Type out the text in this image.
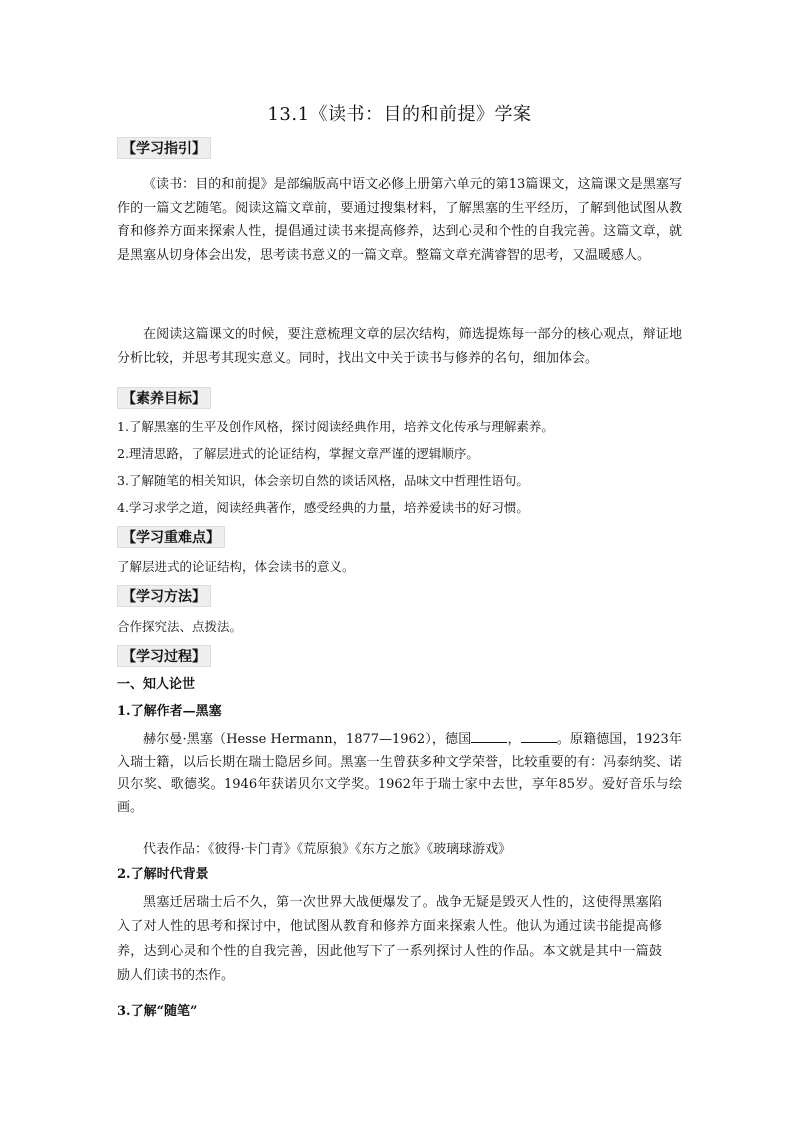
13.1《读书：目的和前提》学案
【学习指引】
《读书：目的和前提》是部编版高中语文必修上册第六单元的第13篇课文，这篇课文是黑塞写作的一篇文艺随笔。阅读这篇文章前，要通过搜集材料，了解黑塞的生平经历，了解到他试图从教育和修养方面来探索人性，提倡通过读书来提高修养，达到心灵和个性的自我完善。这篇文章，就是黑塞从切身体会出发，思考读书意义的一篇文章。整篇文章充满睿智的思考，又温暖感人。
在阅读这篇课文的时候，要注意梳理文章的层次结构，筛选提炼每一部分的核心观点，辩证地分析比较，并思考其现实意义。同时，找出文中关于读书与修养的名句，细加体会。
【素养目标】
1.了解黑塞的生平及创作风格，探讨阅读经典作用，培养文化传承与理解素养。
2.理清思路，了解层进式的论证结构，掌握文章严谨的逻辑顺序。
3.了解随笔的相关知识，体会亲切自然的谈话风格，品味文中哲理性语句。
4.学习求学之道，阅读经典著作，感受经典的力量，培养爱读书的好习惯。
【学习重难点】
了解层进式的论证结构，体会读书的意义。
【学习方法】
合作探究法、点拨法。
【学习过程】
一、知人论世
1.了解作者—黑塞
赫尔曼·黑塞（Hesse Hermann，1877—1962），德国	，	。原籍德国，1923年入瑞士籍，以后长期在瑞士隐居乡间。黑塞一生曾获多种文学荣誉，比较重要的有：冯泰纳奖、诺贝尔奖、歌德奖。1946年获诺贝尔文学奖。1962年于瑞士家中去世，享年85岁。爱好音乐与绘画。
代表作品：《彼得·卡门青》《荒原狼》《东方之旅》《玻璃球游戏》
2.了解时代背景
黑塞迁居瑞士后不久，第一次世界大战便爆发了。战争无疑是毁灭人性的，这使得黑塞陷入了对人性的思考和探讨中，他试图从教育和修养方面来探索人性。他认为通过读书能提高修养，达到心灵和个性的自我完善，因此他写下了一系列探讨人性的作品。本文就是其中一篇鼓励人们读书的杰作。
3.了解“随笔”
